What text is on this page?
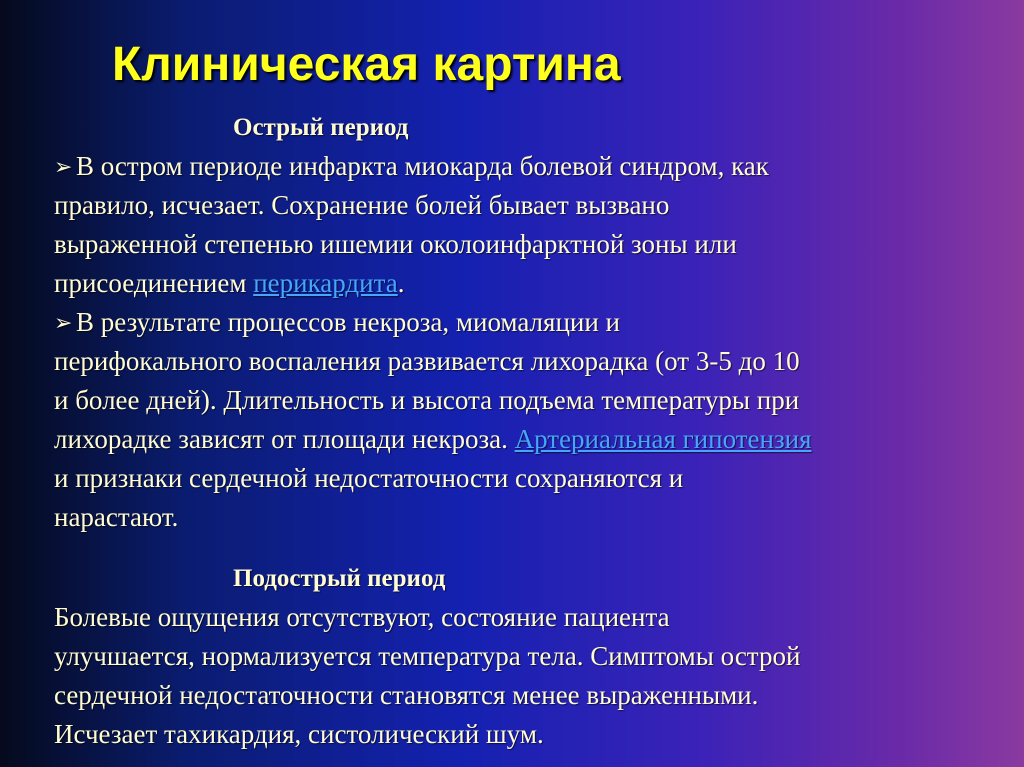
Клиническая картина
Острый период
➢ В остром периоде инфаркта миокарда болевой синдром, как
правило, исчезает. Сохранение болей бывает вызвано
выраженной степенью ишемии околоинфарктной зоны или
присоединением перикардита.
➢ В результате процессов некроза, миомаляции и
перифокального воспаления развивается лихорадка (от 3-5 до 10
и более дней). Длительность и высота подъема температуры при
лихорадке зависят от площади некроза. Артериальная гипотензия
и признаки сердечной недостаточности сохраняются и
нарастают.
Подострый период
Болевые ощущения отсутствуют, состояние пациента
улучшается, нормализуется температура тела. Симптомы острой
сердечной недостаточности становятся менее выраженными.
Исчезает тахикардия, систолический шум.
